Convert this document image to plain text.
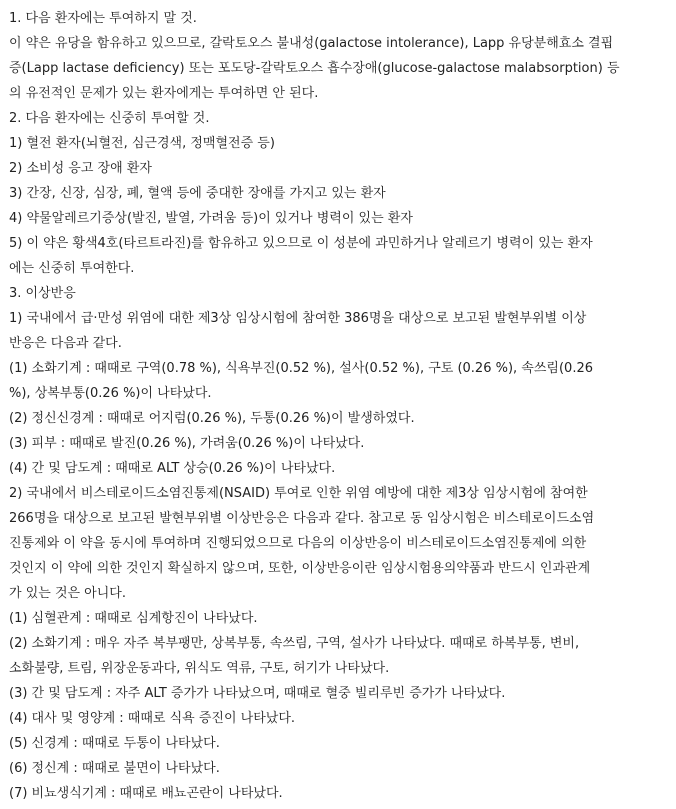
1. 다음 환자에는 투여하지 말 것.
이 약은 유당을 함유하고 있으므로, 갈락토오스 불내성(galactose intolerance), Lapp 유당분해효소 결핍
증(Lapp lactase deficiency) 또는 포도당-갈락토오스 흡수장애(glucose-galactose malabsorption) 등
의 유전적인 문제가 있는 환자에게는 투여하면 안 된다.
2. 다음 환자에는 신중히 투여할 것.
1) 혈전 환자(뇌혈전, 심근경색, 정맥혈전증 등)
2) 소비성 응고 장애 환자
3) 간장, 신장, 심장, 폐, 혈액 등에 중대한 장애를 가지고 있는 환자
4) 약물알레르기증상(발진, 발열, 가려움 등)이 있거나 병력이 있는 환자
5) 이 약은 황색4호(타르트라진)를 함유하고 있으므로 이 성분에 과민하거나 알레르기 병력이 있는 환자
에는 신중히 투여한다.
3. 이상반응
1) 국내에서 급·만성 위염에 대한 제3상 임상시험에 참여한 386명을 대상으로 보고된 발현부위별 이상
반응은 다음과 같다.
(1) 소화기계 : 때때로 구역(0.78 %), 식욕부진(0.52 %), 설사(0.52 %), 구토 (0.26 %), 속쓰림(0.26
%), 상복부통(0.26 %)이 나타났다.
(2) 정신신경계 : 때때로 어지럼(0.26 %), 두통(0.26 %)이 발생하였다.
(3) 피부 : 때때로 발진(0.26 %), 가려움(0.26 %)이 나타났다.
(4) 간 및 담도계 : 때때로 ALT 상승(0.26 %)이 나타났다.
2) 국내에서 비스테로이드소염진통제(NSAID) 투여로 인한 위염 예방에 대한 제3상 임상시험에 참여한
266명을 대상으로 보고된 발현부위별 이상반응은 다음과 같다. 참고로 동 임상시험은 비스테로이드소염
진통제와 이 약을 동시에 투여하며 진행되었으므로 다음의 이상반응이 비스테로이드소염진통제에 의한
것인지 이 약에 의한 것인지 확실하지 않으며, 또한, 이상반응이란 임상시험용의약품과 반드시 인과관계
가 있는 것은 아니다.
(1) 심혈관계 : 때때로 심계항진이 나타났다.
(2) 소화기계 : 매우 자주 복부팽만, 상복부통, 속쓰림, 구역, 설사가 나타났다. 때때로 하복부통, 변비,
소화불량, 트림, 위장운동과다, 위식도 역류, 구토, 허기가 나타났다.
(3) 간 및 담도계 : 자주 ALT 증가가 나타났으며, 때때로 혈중 빌리루빈 증가가 나타났다.
(4) 대사 및 영양계 : 때때로 식욕 증진이 나타났다.
(5) 신경계 : 때때로 두통이 나타났다.
(6) 정신계 : 때때로 불면이 나타났다.
(7) 비뇨생식기계 : 때때로 배뇨곤란이 나타났다.
